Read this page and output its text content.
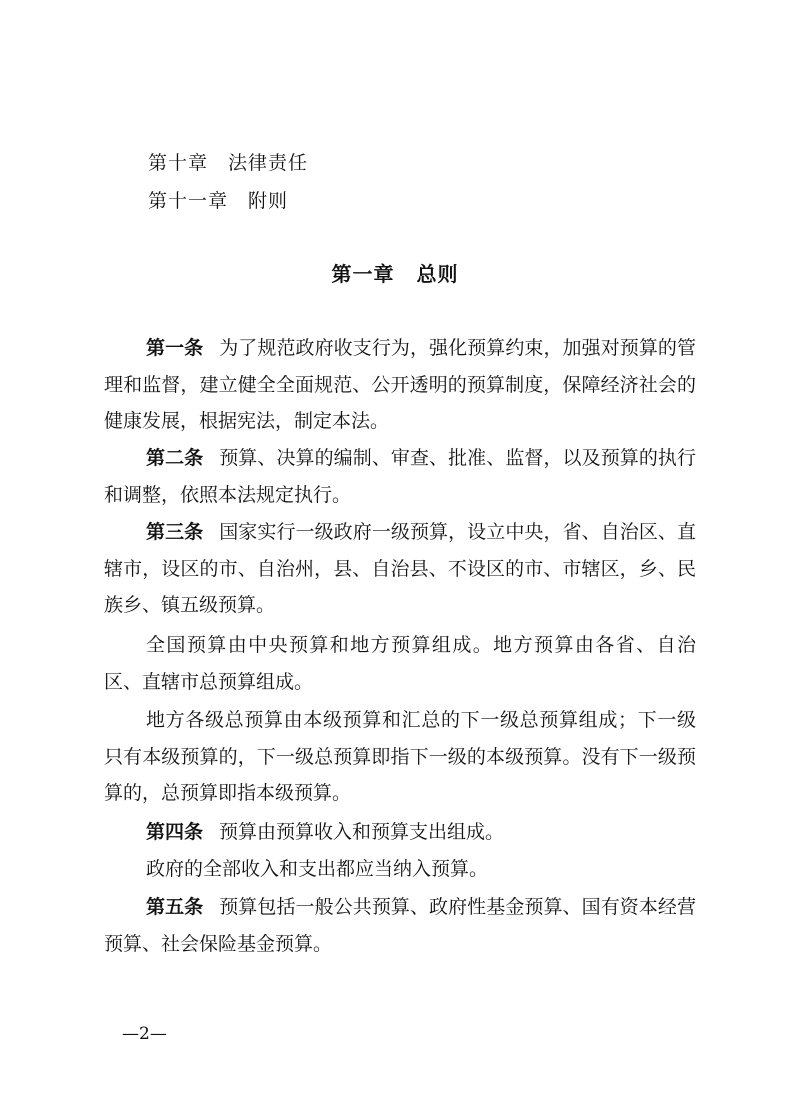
第十章 法律责任
第十一章 附则
第一章 总则

第一条 为了规范政府收支行为，强化预算约束，加强对预算的管理和监督，建立健全全面规范、公开透明的预算制度，保障经济社会的健康发展，根据宪法，制定本法。

第二条 预算、决算的编制、审查、批准、监督，以及预算的执行和调整，依照本法规定执行。

第三条 国家实行一级政府一级预算，设立中央，省、自治区、直辖市，设区的市、自治州，县、自治县、不设区的市、市辖区，乡、民族乡、镇五级预算。

全国预算由中央预算和地方预算组成。地方预算由各省、自治区、直辖市总预算组成。

地方各级总预算由本级预算和汇总的下一级总预算组成；下一级只有本级预算的，下一级总预算即指下一级的本级预算。没有下一级预算的，总预算即指本级预算。

第四条 预算由预算收入和预算支出组成。

政府的全部收入和支出都应当纳入预算。

第五条 预算包括一般公共预算、政府性基金预算、国有资本经营预算、社会保险基金预算。

—2—
